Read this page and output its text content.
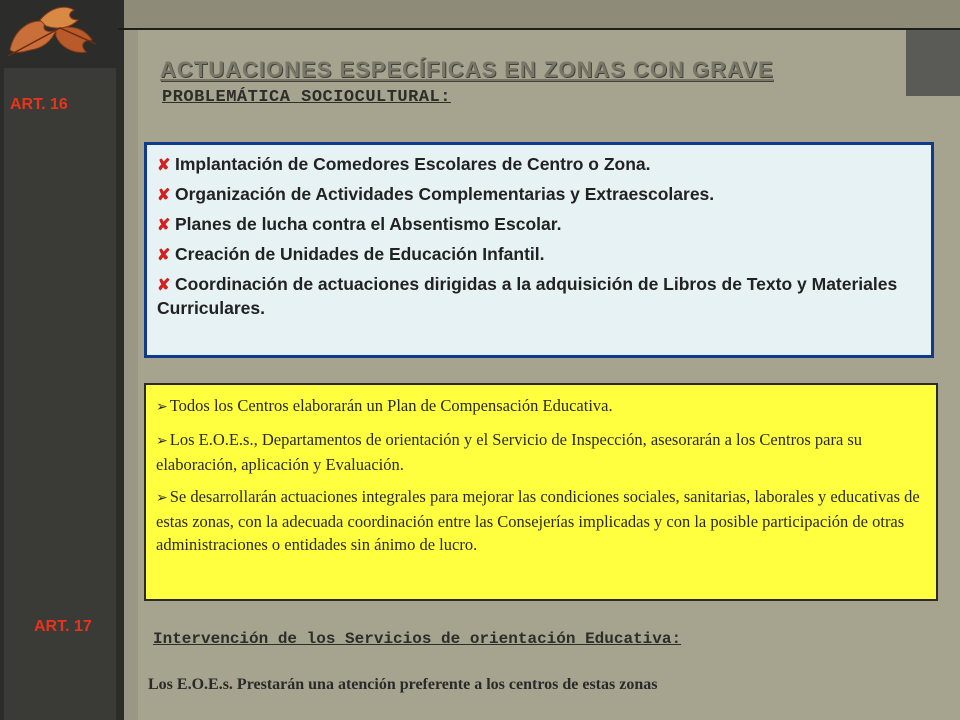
ACTUACIONES ESPECÍFICAS EN ZONAS CON GRAVE
PROBLEMÁTICA SOCIOCULTURAL:
ART. 16
ART. 17
✘ Implantación de Comedores Escolares de Centro o Zona.
✘ Organización de Actividades Complementarias y Extraescolares.
✘ Planes de lucha contra el Absentismo Escolar.
✘ Creación de Unidades de Educación Infantil.
✘ Coordinación de actuaciones dirigidas a la adquisición de Libros de Texto y Materiales Curriculares.
➢ Todos los Centros elaborarán un Plan de Compensación Educativa.
➢ Los E.O.E.s., Departamentos de orientación y el Servicio de Inspección, asesorarán a los Centros para su elaboración, aplicación y Evaluación.
➢ Se desarrollarán actuaciones integrales para mejorar las condiciones sociales, sanitarias, laborales y educativas de estas zonas, con la adecuada coordinación entre las Consejerías implicadas y con la posible participación de otras administraciones o entidades sin ánimo de lucro.
Intervención de los Servicios de orientación Educativa:
Los E.O.E.s. Prestarán una atención preferente a los centros de estas zonas
